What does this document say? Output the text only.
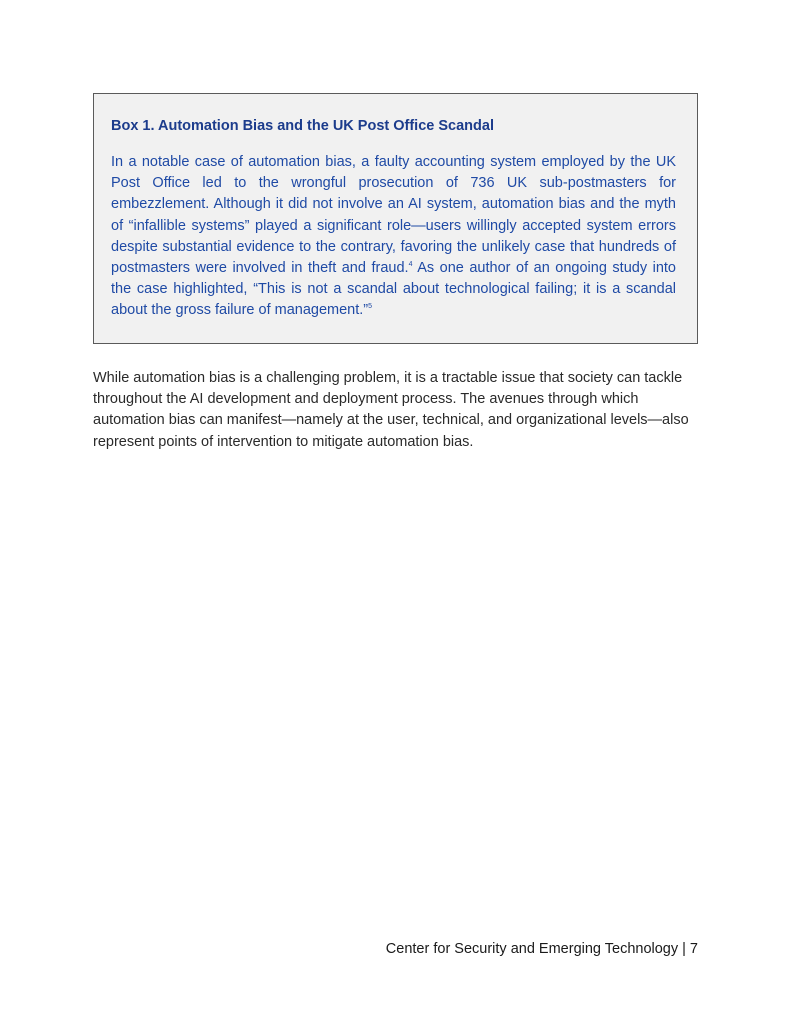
Box 1. Automation Bias and the UK Post Office Scandal

In a notable case of automation bias, a faulty accounting system employed by the UK Post Office led to the wrongful prosecution of 736 UK sub-postmasters for embezzlement. Although it did not involve an AI system, automation bias and the myth of “infallible systems” played a significant role—users willingly accepted system errors despite substantial evidence to the contrary, favoring the unlikely case that hundreds of postmasters were involved in theft and fraud.$^4$ As one author of an ongoing study into the case highlighted, “This is not a scandal about technological failing; it is a scandal about the gross failure of management.”$^5$

While automation bias is a challenging problem, it is a tractable issue that society can tackle throughout the AI development and deployment process. The avenues through which automation bias can manifest—namely at the user, technical, and organizational levels—also represent points of intervention to mitigate automation bias.

Center for Security and Emerging Technology | 7
